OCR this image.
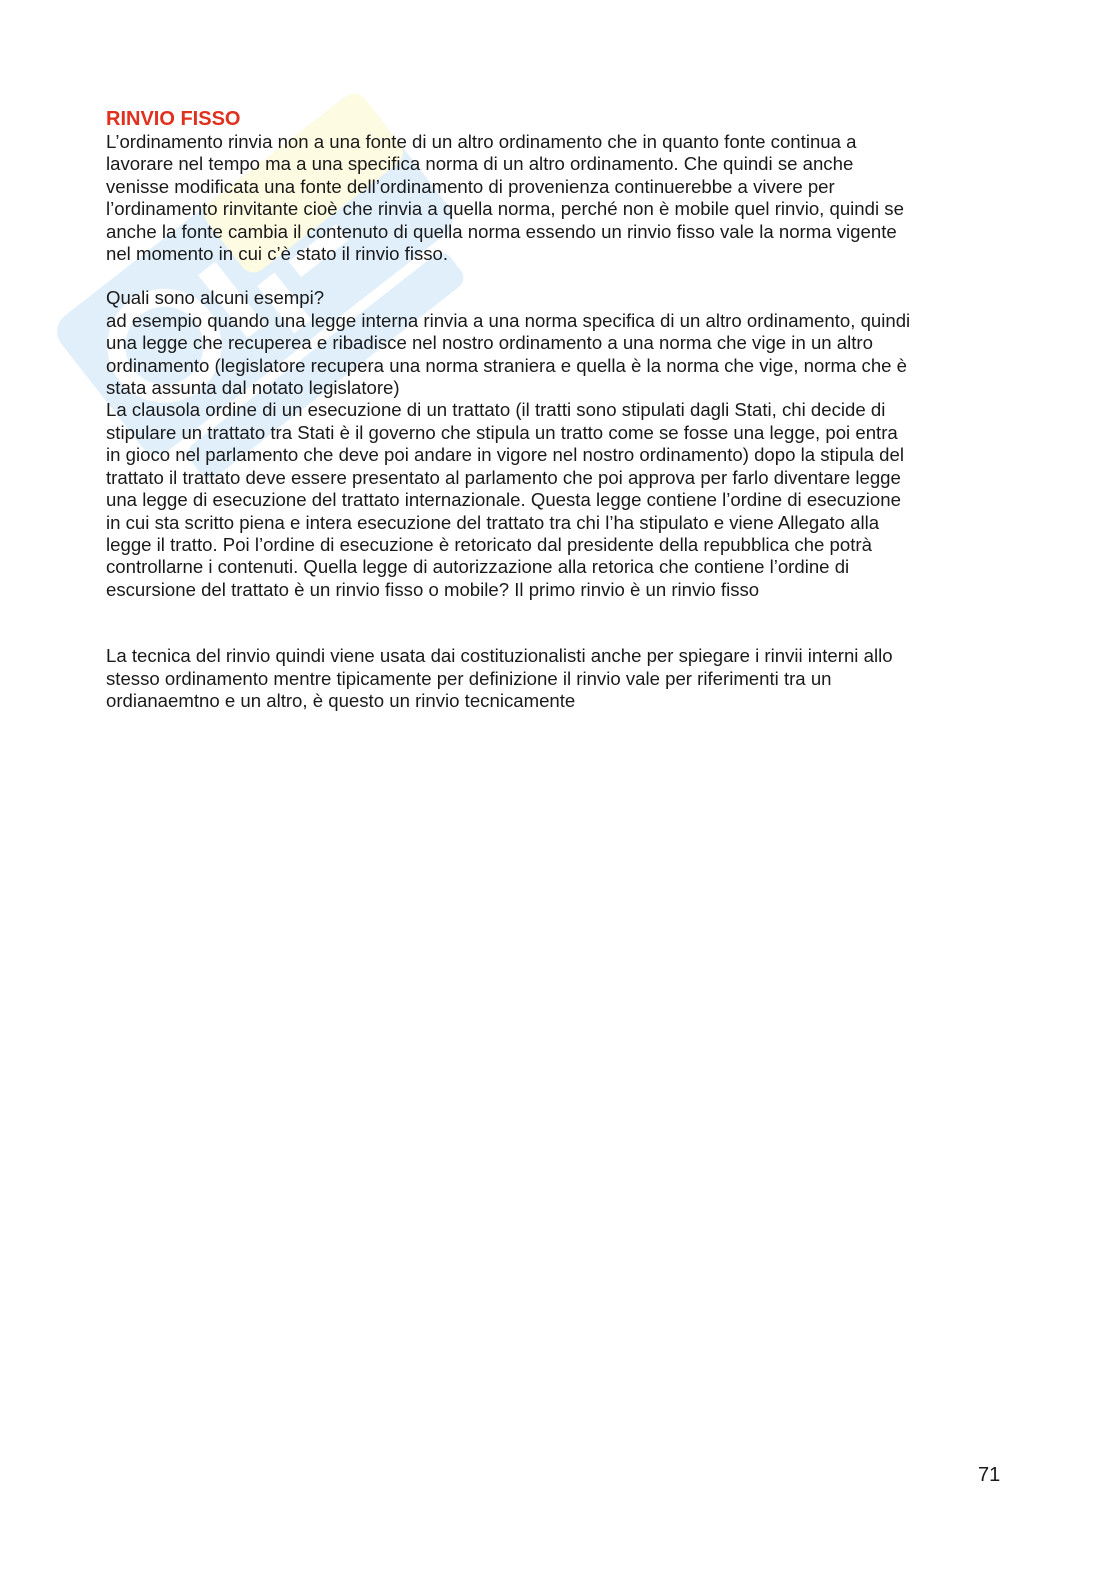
RINVIO FISSO

L’ordinamento rinvia non a una fonte di un altro ordinamento che in quanto fonte continua a
lavorare nel tempo ma a una specifica norma di un altro ordinamento. Che quindi se anche
venisse modificata una fonte dell’ordinamento di provenienza continuerebbe a vivere per
l’ordinamento rinvitante cioè che rinvia a quella norma, perché non è mobile quel rinvio, quindi se
anche la fonte cambia il contenuto di quella norma essendo un rinvio fisso vale la norma vigente
nel momento in cui c’è stato il rinvio fisso.

Quali sono alcuni esempi?
ad esempio quando una legge interna rinvia a una norma specifica di un altro ordinamento, quindi
una legge che recuperea e ribadisce nel nostro ordinamento a una norma che vige in un altro
ordinamento (legislatore recupera una norma straniera e quella è la norma che vige, norma che è
stata assunta dal notato legislatore)
La clausola ordine di un esecuzione di un trattato (il tratti sono stipulati dagli Stati, chi decide di
stipulare un trattato tra Stati è il governo che stipula un tratto come se fosse una legge, poi entra
in gioco nel parlamento che deve poi andare in vigore nel nostro ordinamento) dopo la stipula del
trattato il trattato deve essere presentato al parlamento che poi approva per farlo diventare legge
una legge di esecuzione del trattato internazionale. Questa legge contiene l’ordine di esecuzione
in cui sta scritto piena e intera esecuzione del trattato tra chi l’ha stipulato e viene Allegato alla
legge il tratto. Poi l’ordine di esecuzione è retoricato dal presidente della repubblica che potrà
controllarne i contenuti. Quella legge di autorizzazione alla retorica che contiene l’ordine di
escursione del trattato è un rinvio fisso o mobile? Il primo rinvio è un rinvio fisso

La tecnica del rinvio quindi viene usata dai costituzionalisti anche per spiegare i rinvii interni allo
stesso ordinamento mentre tipicamente per definizione il rinvio vale per riferimenti tra un
ordianaemtno e un altro, è questo un rinvio tecnicamente

71
